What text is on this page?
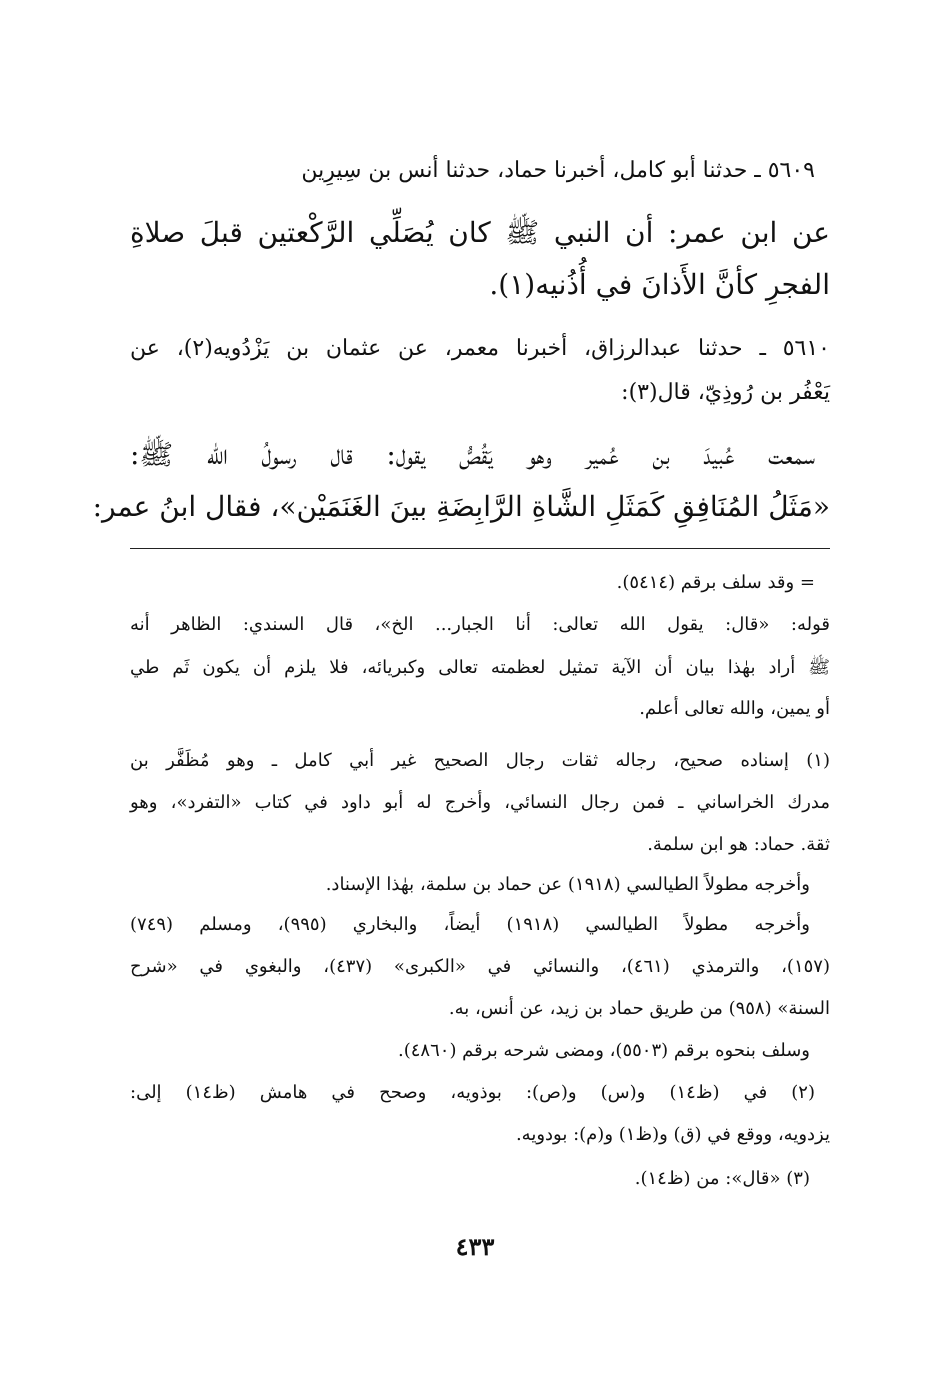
٥٦٠٩ ـ حدثنا أبو كامل، أخبرنا حماد، حدثنا أنس بن سِيرِين
عن ابن عمر: أن النبي ﷺ كان يُصَلِّي الرَّكْعتين قبلَ صلاةِ
الفجرِ كأنَّ الأَذانَ في أُذُنيه(١).
٥٦١٠ ـ حدثنا عبدالرزاق، أخبرنا معمر، عن عثمان بن يَزْدُويه(٢)، عن
يَعْفُر بن رُوذِيّ، قال(٣):
سمعت عُبيدَ بن عُمير وهو يَقُصُّ يقول: قال رسولُ الله ﷺ:
«مَثَلُ المُنَافِقِ كَمَثَلِ الشَّاةِ الرَّابِضَةِ بينَ الغَنَمَيْن»، فقال ابنُ عمر:
= وقد سلف برقم (٥٤١٤).
قوله: «قال: يقول الله تعالى: أنا الجبار... الخ»، قال السندي: الظاهر أنه
ﷺ أراد بهٰذا بيان أن الآية تمثيل لعظمته تعالى وكبريائه، فلا يلزم أن يكون ثَم طي
أو يمين، والله تعالى أعلم.
(١) إسناده صحيح، رجاله ثقات رجال الصحيح غير أبي كامل ـ وهو مُظَفَّر بن
مدرك الخراساني ـ فمن رجال النسائي، وأخرج له أبو داود في كتاب «التفرد»، وهو
ثقة. حماد: هو ابن سلمة.
وأخرجه مطولاً الطيالسي (١٩١٨) عن حماد بن سلمة، بهٰذا الإسناد.
وأخرجه مطولاً الطيالسي (١٩١٨) أيضاً، والبخاري (٩٩٥)، ومسلم (٧٤٩)
(١٥٧)، والترمذي (٤٦١)، والنسائي في «الكبرى» (٤٣٧)، والبغوي في «شرح
السنة» (٩٥٨) من طريق حماد بن زيد، عن أنس، به.
وسلف بنحوه برقم (٥٥٠٣)، ومضى شرحه برقم (٤٨٦٠).
(٢) في (ظ١٤) و(س) و(ص): بوذويه، وصحح في هامش (ظ١٤) إلى:
يزدويه، ووقع في (ق) و(ظ١) و(م): بودويه.
(٣) «قال»: من (ظ١٤).
٤٣٣
